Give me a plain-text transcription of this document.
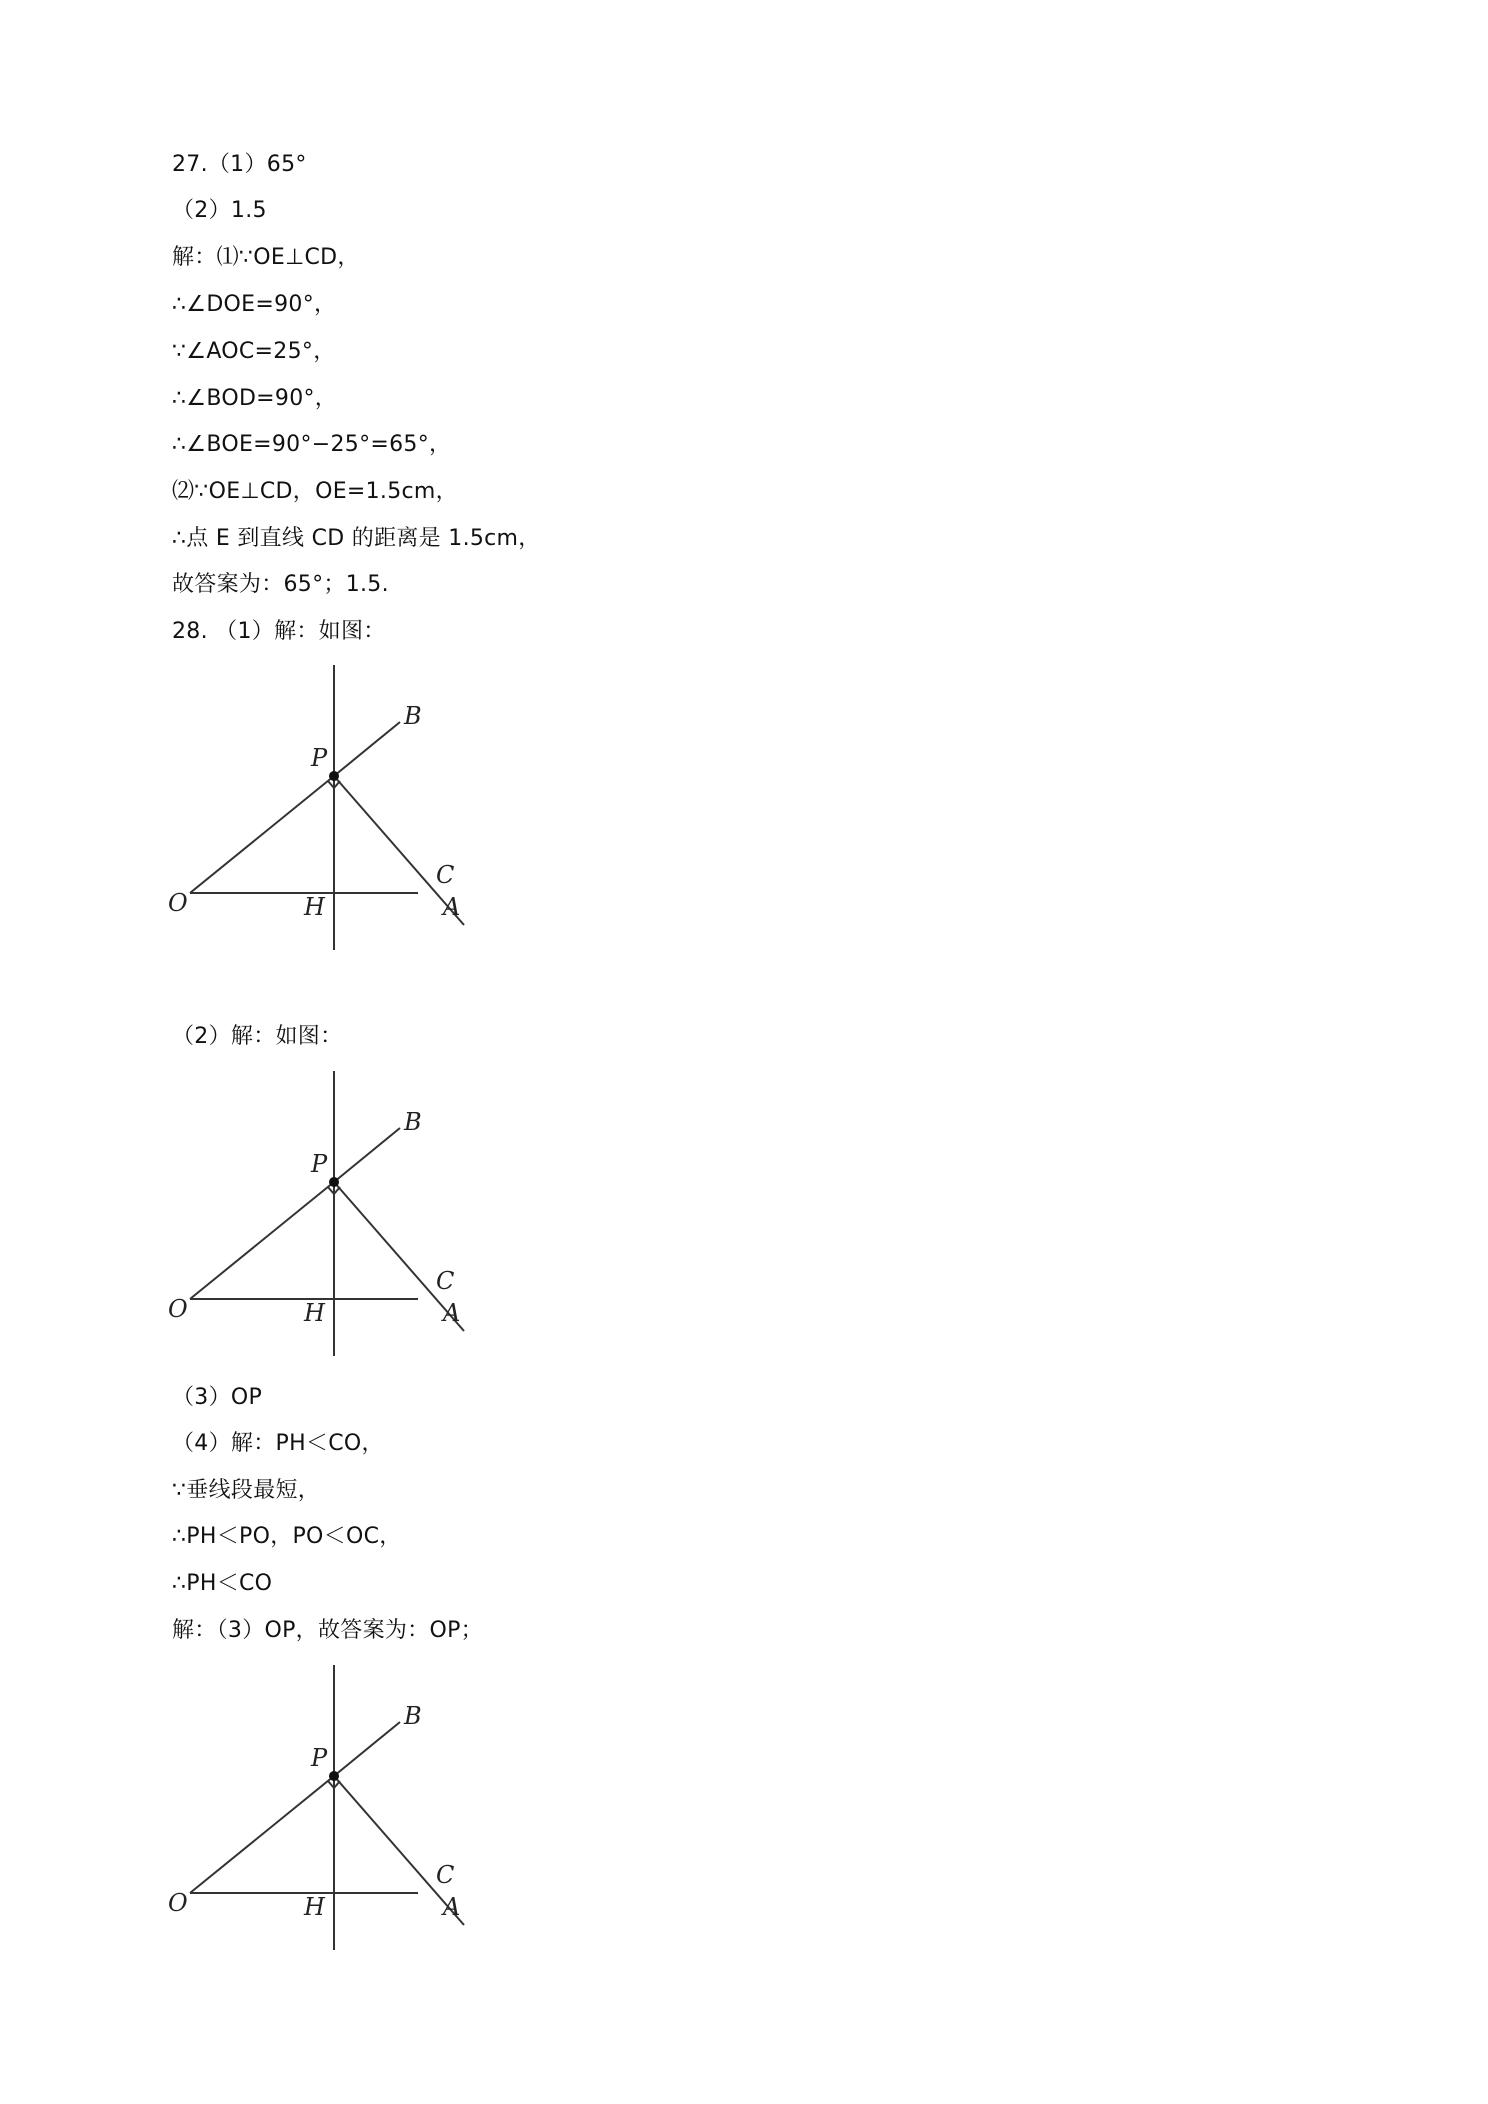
27.（1）65°
（2）1.5
解：⑴∵OE⊥CD，
∴∠DOE=90°，
∵∠AOC=25°，
∴∠BOD=90°，
∴∠BOE=90°−25°=65°，
⑵∵OE⊥CD，OE=1.5cm，
∴点 E 到直线 CD 的距离是 1.5cm，
故答案为：65°；1.5.
28. （1）解：如图：
O	H
P
B
C
A
（2）解：如图：
O	H
P
B
C
A
（3）OP
（4）解：PH＜CO，
∵垂线段最短，
∴PH＜PO，PO＜OC，
∴PH＜CO
解：（3）OP，故答案为：OP；
O	H
P
B
C
A
